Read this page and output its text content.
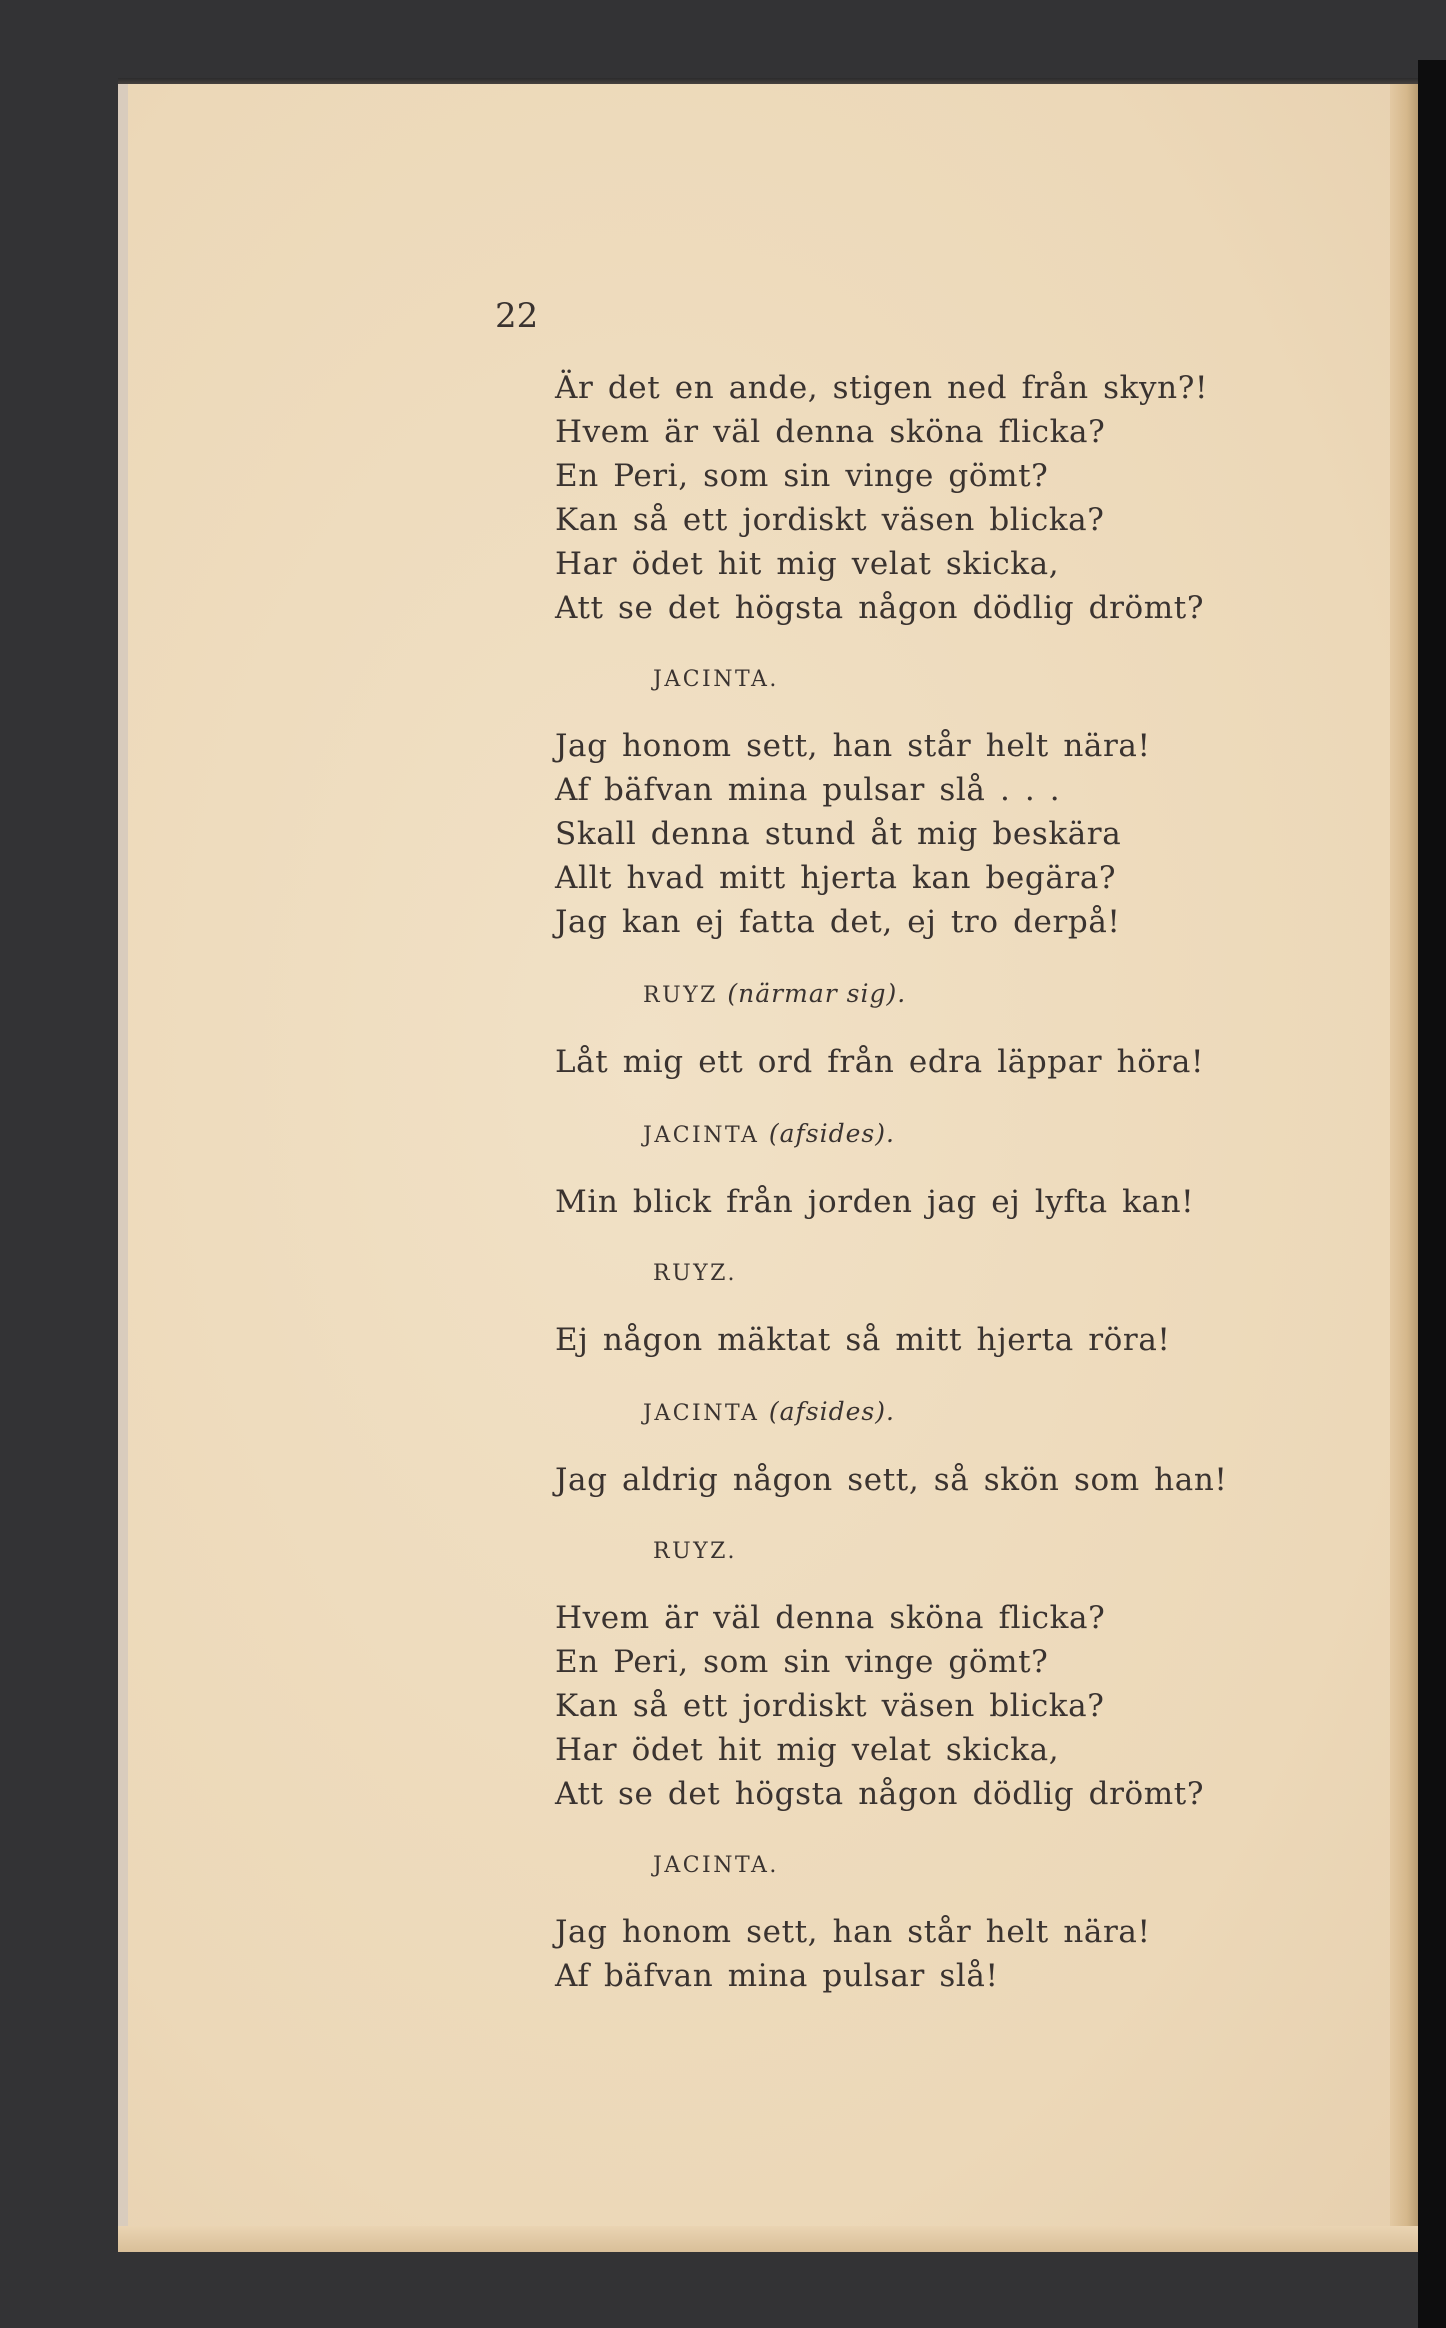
22
Är det en ande, stigen ned från skyn?!
Hvem är väl denna sköna flicka?
En Peri, som sin vinge gömt?
Kan så ett jordiskt väsen blicka?
Har ödet hit mig velat skicka,
Att se det högsta någon dödlig drömt?
JACINTA.
Jag honom sett, han står helt nära!
Af bäfvan mina pulsar slå . . .
Skall denna stund åt mig beskära
Allt hvad mitt hjerta kan begära?
Jag kan ej fatta det, ej tro derpå!
RUYZ (närmar sig).
Låt mig ett ord från edra läppar höra!
JACINTA (afsides).
Min blick från jorden jag ej lyfta kan!
RUYZ.
Ej någon mäktat så mitt hjerta röra!
JACINTA (afsides).
Jag aldrig någon sett, så skön som han!
RUYZ.
Hvem är väl denna sköna flicka?
En Peri, som sin vinge gömt?
Kan så ett jordiskt väsen blicka?
Har ödet hit mig velat skicka,
Att se det högsta någon dödlig drömt?
JACINTA.
Jag honom sett, han står helt nära!
Af bäfvan mina pulsar slå!
